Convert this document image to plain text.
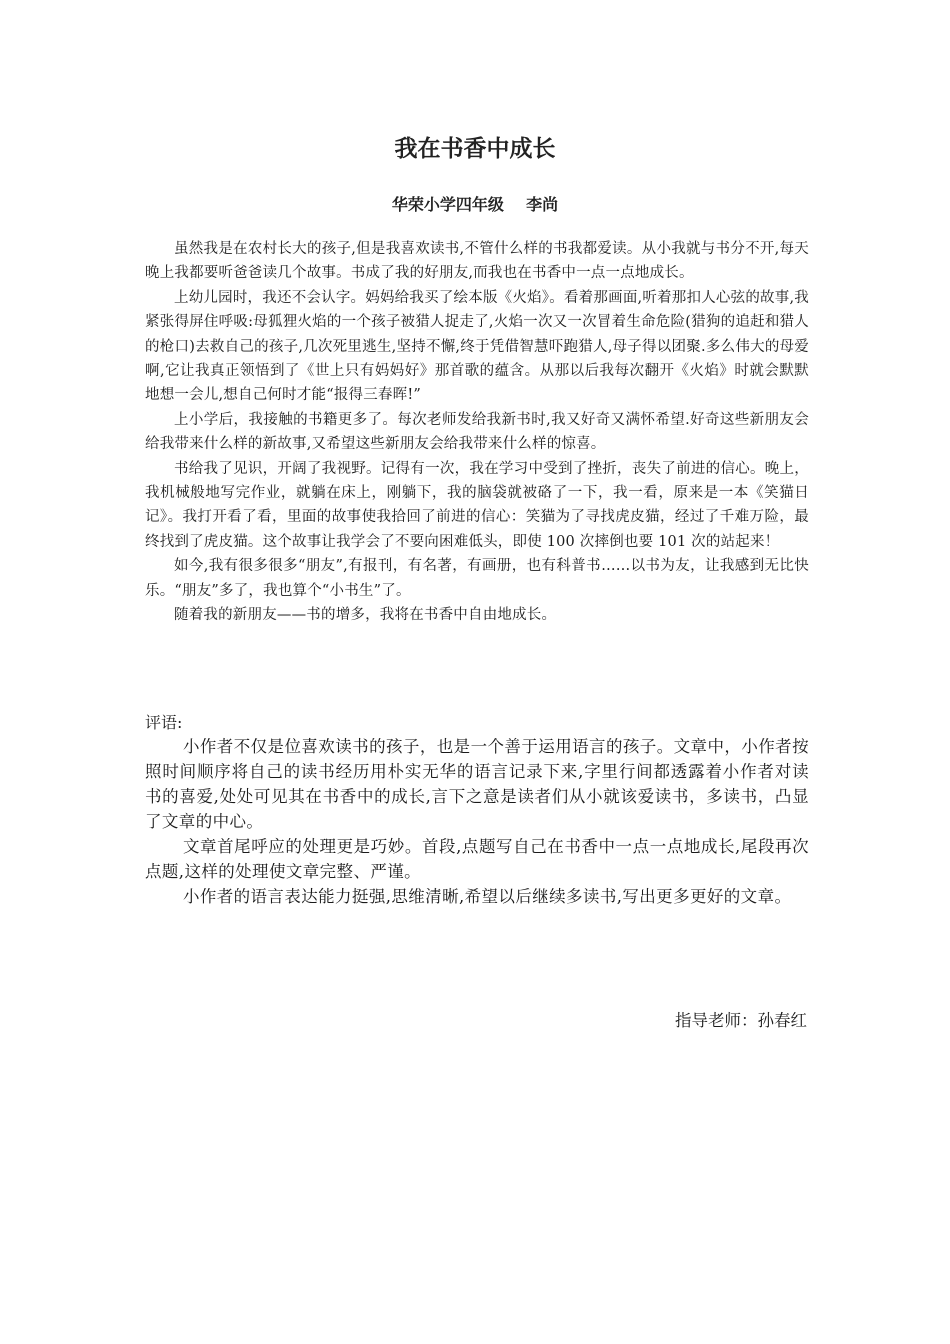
我在书香中成长
华荣小学四年级    李尚

虽然我是在农村长大的孩子,但是我喜欢读书,不管什么样的书我都爱读。从小我就与书分不开,每天晚上我都要听爸爸读几个故事。书成了我的好朋友,而我也在书香中一点一点地成长。

上幼儿园时，我还不会认字。妈妈给我买了绘本版《火焰》。看着那画面,听着那扣人心弦的故事,我紧张得屏住呼吸:母狐狸火焰的一个孩子被猎人捉走了,火焰一次又一次冒着生命危险(猎狗的追赶和猎人的枪口)去救自己的孩子,几次死里逃生,坚持不懈,终于凭借智慧吓跑猎人,母子得以团聚.多么伟大的母爱啊,它让我真正领悟到了《世上只有妈妈好》那首歌的蕴含。从那以后我每次翻开《火焰》时就会默默地想一会儿,想自己何时才能“报得三春晖!”

上小学后，我接触的书籍更多了。每次老师发给我新书时,我又好奇又满怀希望.好奇这些新朋友会给我带来什么样的新故事,又希望这些新朋友会给我带来什么样的惊喜。

书给我了见识，开阔了我视野。记得有一次，我在学习中受到了挫折，丧失了前进的信心。晚上，我机械般地写完作业，就躺在床上，刚躺下，我的脑袋就被硌了一下，我一看，原来是一本《笑猫日记》。我打开看了看，里面的故事使我拾回了前进的信心：笑猫为了寻找虎皮猫，经过了千难万险，最终找到了虎皮猫。这个故事让我学会了不要向困难低头，即使 100 次摔倒也要 101 次的站起来！

如今,我有很多很多“朋友”,有报刊，有名著，有画册，也有科普书……以书为友，让我感到无比快乐。“朋友”多了，我也算个“小书生”了。

随着我的新朋友——书的增多，我将在书香中自由地成长。

评语:

小作者不仅是位喜欢读书的孩子，也是一个善于运用语言的孩子。文章中，小作者按照时间顺序将自己的读书经历用朴实无华的语言记录下来,字里行间都透露着小作者对读书的喜爱,处处可见其在书香中的成长,言下之意是读者们从小就该爱读书，多读书，凸显了文章的中心。

文章首尾呼应的处理更是巧妙。首段,点题写自己在书香中一点一点地成长,尾段再次点题,这样的处理使文章完整、严谨。

小作者的语言表达能力挺强,思维清晰,希望以后继续多读书,写出更多更好的文章。

指导老师：孙春红
